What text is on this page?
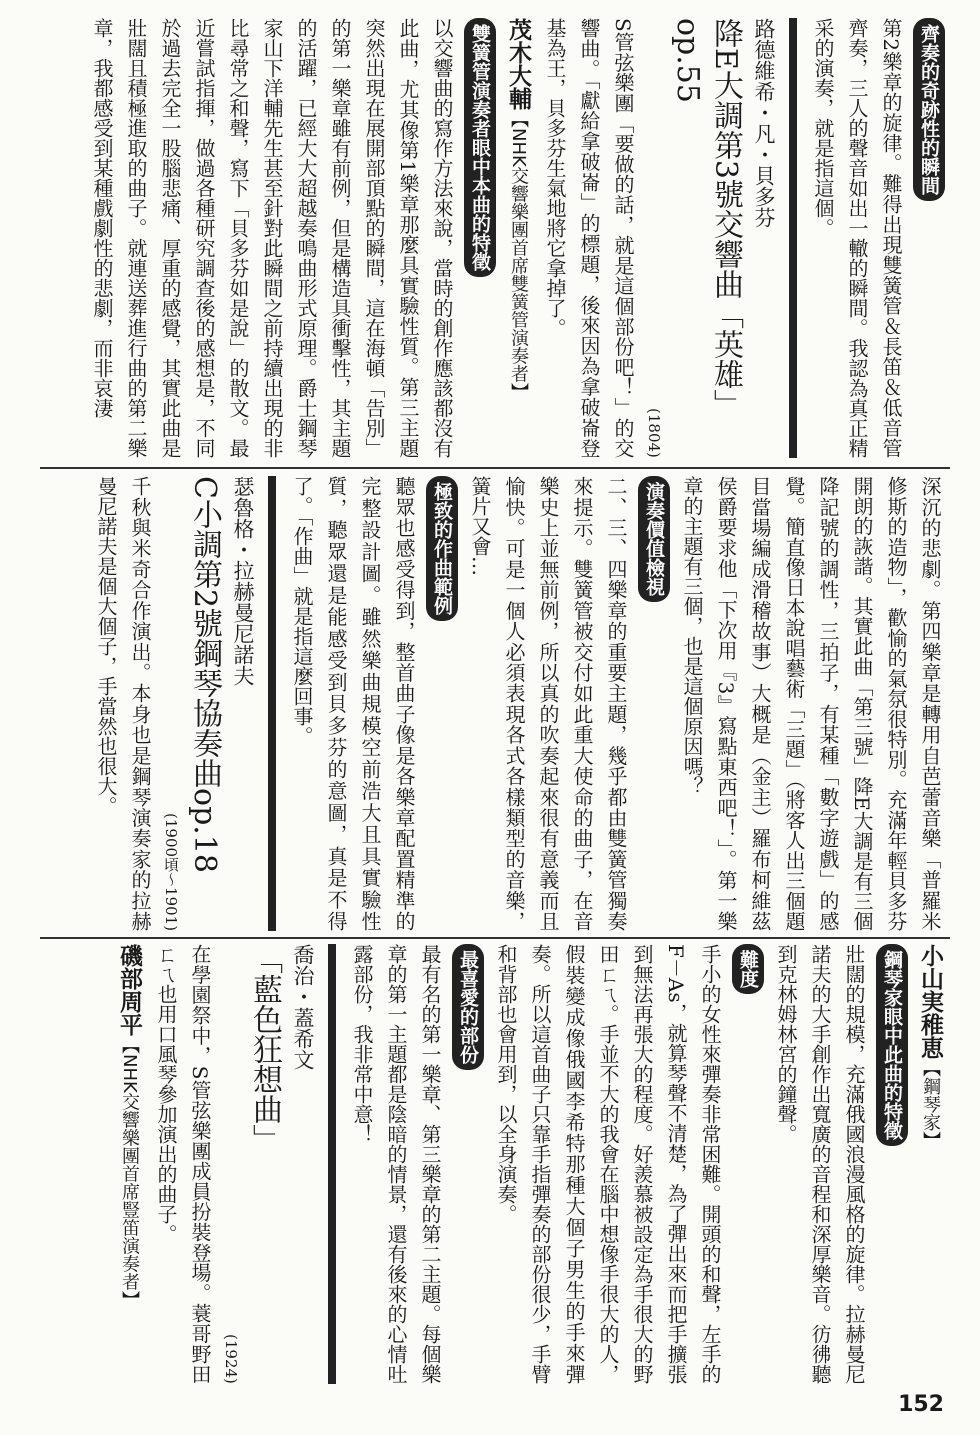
齊奏的奇跡性的瞬間

第2樂章的旋律。難得出現雙簧管＆長笛＆低音管齊奏，三人的聲音如出一轍的瞬間。我認為真正精采的演奏，就是指這個。

路德維希・凡・貝多芬
降E大調第3號交響曲「英雄」op.55
(1804)

S管弦樂團「要做的話，就是這個部份吧！」的交響曲。「獻給拿破崙」的標題，後來因為拿破崙登基為王，貝多芬生氣地將它拿掉了。

茂木大輔【NHK交響樂團首席雙簧管演奏者】
雙簧管演奏者眼中本曲的特徵

以交響曲的寫作方法來說，當時的創作應該都沒有此曲，尤其像第1樂章那麼具實驗性質。第三主題突然出現在展開部頂點的瞬間，這在海頓「告別」的第一樂章雖有前例，但是構造具衝擊性，其主題的活躍，已經大大超越奏鳴曲形式原理。爵士鋼琴家山下洋輔先生甚至針對此瞬間之前持續出現的非比尋常之和聲，寫下「貝多芬如是說」的散文。最近嘗試指揮，做過各種研究調查後的感想是，不同於過去完全一股腦悲痛、厚重的感覺，其實此曲是壯闊且積極進取的曲子。就連送葬進行曲的第二樂章，我都感受到某種戲劇性的悲劇，而非哀淒

深沉的悲劇。第四樂章是轉用自芭蕾音樂「普羅米修斯的造物」，歡愉的氣氛很特別。充滿年輕貝多芬開朗的詼諧。其實此曲「第三號」降E大調是有三個降記號的調性，三拍子，有某種「數字遊戲」的感覺。簡直像日本說唱藝術「三題」（將客人出三個題目當場編成滑稽故事）大概是（金主）羅布柯維茲侯爵要求他「下次用『3』寫點東西吧！」。第一樂章的主題有三個，也是這個原因嗎？

演奏價值檢視

二、三、四樂章的重要主題，幾乎都由雙簧管獨奏來提示。雙簧管被交付如此重大使命的曲子，在音樂史上並無前例，所以真的吹奏起來很有意義而且愉快。可是一個人必須表現各式各樣類型的音樂，簧片又會…

極致的作曲範例

聽眾也感受得到，整首曲子像是各樂章配置精準的完整設計圖。雖然樂曲規模空前浩大且具實驗性質，聽眾還是能感受到貝多芬的意圖，真是不得了。「作曲」就是指這麼回事。

瑟魯格・拉赫曼尼諾夫
C小調第2號鋼琴協奏曲op.18
(1900頃～1901)

千秋與米奇合作演出。本身也是鋼琴演奏家的拉赫曼尼諾夫是個大個子，手當然也很大。

小山実稚恵【鋼琴家】
鋼琴家眼中此曲的特徵

壯闊的規模，充滿俄國浪漫風格的旋律。拉赫曼尼諾夫的大手創作出寬廣的音程和深厚樂音。彷彿聽到克林姆林宮的鐘聲。

難度

手小的女性來彈奏非常困難。開頭的和聲，左手的F－As，就算琴聲不清楚，為了彈出來而把手擴張到無法再張大的程度。好羨慕被設定為手很大的野田ㄈㄟ。手並不大的我會在腦中想像手很大的人，假裝變成像俄國李希特那種大個子男生的手來彈奏。所以這首曲子只靠手指彈奏的部份很少，手臂和背部也會用到，以全身演奏。

最喜愛的部份

最有名的第一樂章、第三樂章的第二主題。每個樂章的第一主題都是陰暗的情景，還有後來的心情吐露部份，我非常中意！

喬治・蓋希文
「藍色狂想曲」
(1924)

在學園祭中，S管弦樂團成員扮裝登場。蓑哥野田ㄈㄟ也用口風琴參加演出的曲子。

磯部周平【NHK交響樂團首席豎笛演奏者】
152
